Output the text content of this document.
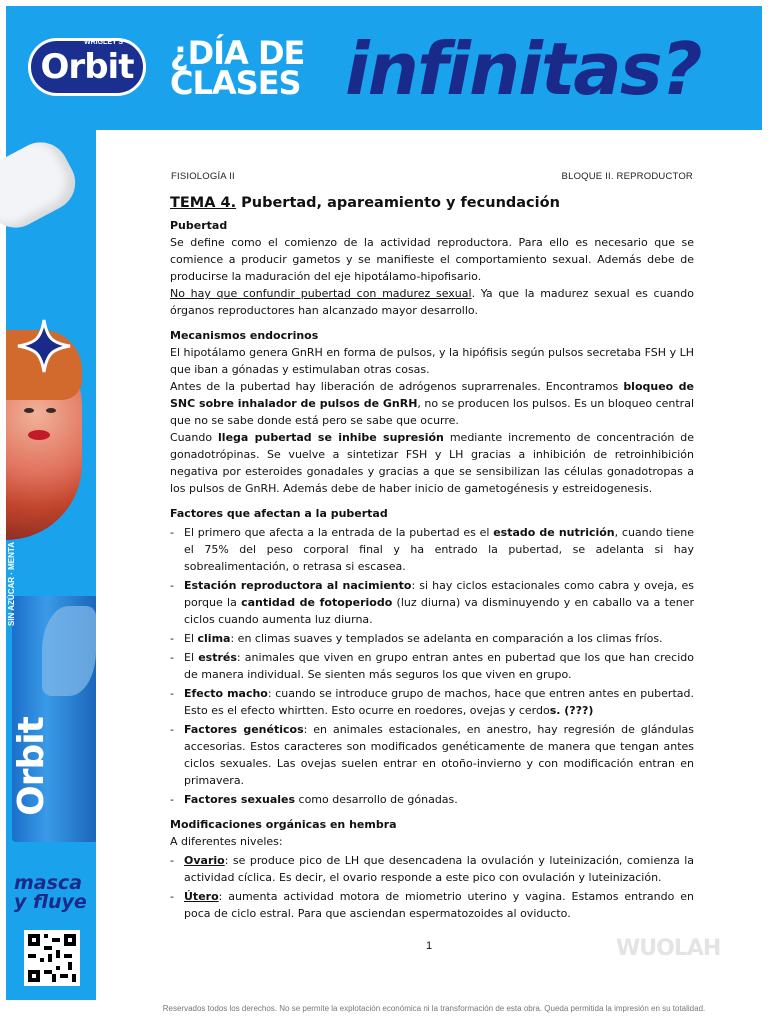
WRIGLEY'S
Orbit ¿DÍA DE
CLASES infinitas?
SIN AZÚCAR · MENTA
Orbit
masca
y fluye
FISIOLOGÍA II	BLOQUE II. REPRODUCTOR
TEMA 4. Pubertad, apareamiento y fecundación
Pubertad

Se define como el comienzo de la actividad reproductora. Para ello es necesario que se comience a producir gametos y se manifieste el comportamiento sexual. Además debe de producirse la maduración del eje hipotálamo-hipofisario.

No hay que confundir pubertad con madurez sexual. Ya que la madurez sexual es cuando órganos reproductores han alcanzado mayor desarrollo.

Mecanismos endocrinos

El hipotálamo genera GnRH en forma de pulsos, y la hipófisis según pulsos secretaba FSH y LH que iban a gónadas y estimulaban otras cosas.

Antes de la pubertad hay liberación de adrógenos suprarrenales. Encontramos bloqueo de SNC sobre inhalador de pulsos de GnRH, no se producen los pulsos. Es un bloqueo central que no se sabe donde está pero se sabe que ocurre.

Cuando llega pubertad se inhibe supresión mediante incremento de concentración de gonadotrópinas. Se vuelve a sintetizar FSH y LH gracias a inhibición de retroinhibición negativa por esteroides gonadales y gracias a que se sensibilizan las células gonadotropas a los pulsos de GnRH. Además debe de haber inicio de gametogénesis y estreidogenesis.

Factores que afectan a la pubertad
- El primero que afecta a la entrada de la pubertad es el estado de nutrición, cuando tiene el 75% del peso corporal final y ha entrado la pubertad, se adelanta si hay sobrealimentación, o retrasa si escasea.
- Estación reproductora al nacimiento: si hay ciclos estacionales como cabra y oveja, es porque la cantidad de fotoperiodo (luz diurna) va disminuyendo y en caballo va a tener ciclos cuando aumenta luz diurna.
- El clima: en climas suaves y templados se adelanta en comparación a los climas fríos.
- El estrés: animales que viven en grupo entran antes en pubertad que los que han crecido de manera individual. Se sienten más seguros los que viven en grupo.
- Efecto macho: cuando se introduce grupo de machos, hace que entren antes en pubertad. Esto es el efecto whirtten. Esto ocurre en roedores, ovejas y cerdos. (???)
- Factores genéticos: en animales estacionales, en anestro, hay regresión de glándulas accesorias. Estos caracteres son modificados genéticamente de manera que tengan antes ciclos sexuales. Las ovejas suelen entrar en otoño-invierno y con modificación entran en primavera.
- Factores sexuales como desarrollo de gónadas.
Modificaciones orgánicas en hembra

A diferentes niveles:

- Ovario: se produce pico de LH que desencadena la ovulación y luteinización, comienza la actividad cíclica. Es decir, el ovario responde a este pico con ovulación y luteinización.
- Útero: aumenta actividad motora de miometrio uterino y vagina. Estamos entrando en poca de ciclo estral. Para que asciendan espermatozoides al oviducto.
1	WUOLAH
Reservados todos los derechos. No se permite la explotación económica ni la transformación de esta obra. Queda permitida la impresión en su totalidad.
